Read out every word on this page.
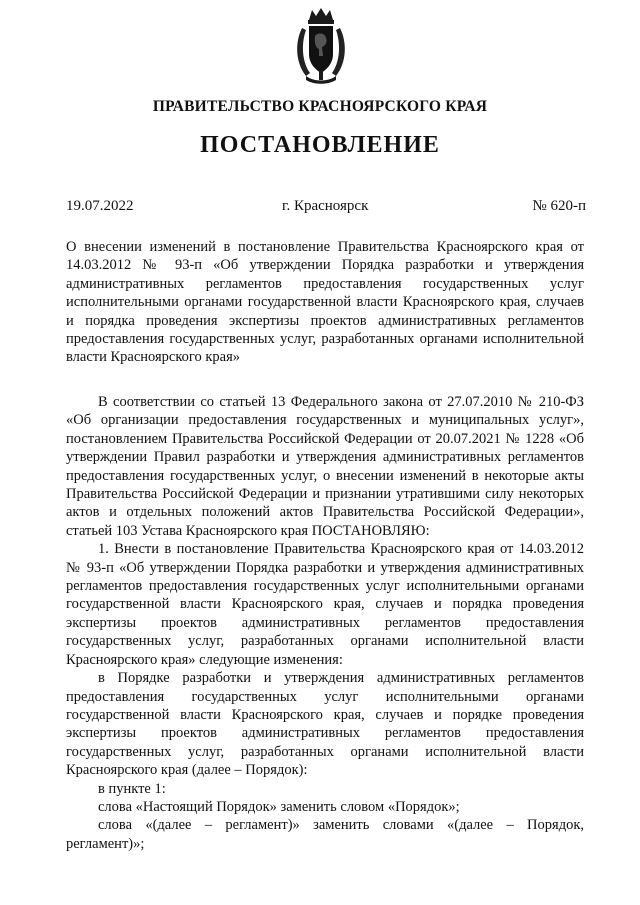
ПРАВИТЕЛЬСТВО КРАСНОЯРСКОГО КРАЯ
ПОСТАНОВЛЕНИЕ
19.07.2022	г. Красноярск	№ 620-п
О внесении изменений в постановление Правительства Красноярского края от 14.03.2012 № 93-п «Об утверждении Порядка разработки и утверждения административных регламентов предоставления государственных услуг исполнительными органами государственной власти Красноярского края, случаев и порядка проведения экспертизы проектов административных регламентов предоставления государственных услуг, разработанных органами исполнительной власти Красноярского края»

В соответствии со статьей 13 Федерального закона от 27.07.2010 № 210-ФЗ «Об организации предоставления государственных и муниципальных услуг», постановлением Правительства Российской Федерации от 20.07.2021 № 1228 «Об утверждении Правил разработки и утверждения административных регламентов предоставления государственных услуг, о внесении изменений в некоторые акты Правительства Российской Федерации и признании утратившими силу некоторых актов и отдельных положений актов Правительства Российской Федерации», статьей 103 Устава Красноярского края ПОСТАНОВЛЯЮ:

1. Внести в постановление Правительства Красноярского края от 14.03.2012 № 93-п «Об утверждении Порядка разработки и утверждения административных регламентов предоставления государственных услуг исполнительными органами государственной власти Красноярского края, случаев и порядка проведения экспертизы проектов административных регламентов предоставления государственных услуг, разработанных органами исполнительной власти Красноярского края» следующие изменения:

в Порядке разработки и утверждения административных регламентов предоставления государственных услуг исполнительными органами государственной власти Красноярского края, случаев и порядке проведения экспертизы проектов административных регламентов предоставления государственных услуг, разработанных органами исполнительной власти Красноярского края (далее – Порядок):

в пункте 1:

слова «Настоящий Порядок» заменить словом «Порядок»;

слова «(далее – регламент)» заменить словами «(далее – Порядок, регламент)»;
